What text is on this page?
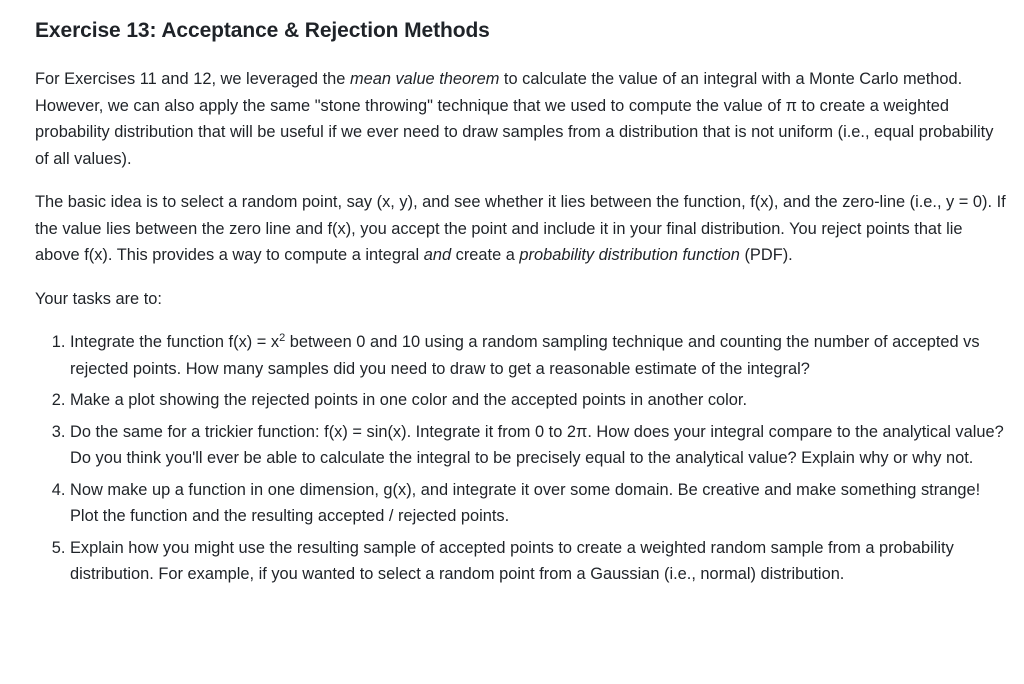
Exercise 13: Acceptance & Rejection Methods

For Exercises 11 and 12, we leveraged the mean value theorem to calculate the value of an integral with a Monte Carlo method. However, we can also apply the same "stone throwing" technique that we used to compute the value of π to create a weighted probability distribution that will be useful if we ever need to draw samples from a distribution that is not uniform (i.e., equal probability of all values).

The basic idea is to select a random point, say (x, y), and see whether it lies between the function, f(x), and the zero-line (i.e., y = 0). If the value lies between the zero line and f(x), you accept the point and include it in your final distribution. You reject points that lie above f(x). This provides a way to compute a integral and create a probability distribution function (PDF).

Your tasks are to:

1. Integrate the function $f(x) = x^2$ between 0 and 10 using a random sampling technique and counting the number of accepted vs rejected points. How many samples did you need to draw to get a reasonable estimate of the integral?
2. Make a plot showing the rejected points in one color and the accepted points in another color.
3. Do the same for a trickier function: f(x) = sin(x). Integrate it from 0 to 2π. How does your integral compare to the analytical value? Do you think you'll ever be able to calculate the integral to be precisely equal to the analytical value? Explain why or why not.
4. Now make up a function in one dimension, g(x), and integrate it over some domain. Be creative and make something strange! Plot the function and the resulting accepted / rejected points.
5. Explain how you might use the resulting sample of accepted points to create a weighted random sample from a probability distribution. For example, if you wanted to select a random point from a Gaussian (i.e., normal) distribution.
